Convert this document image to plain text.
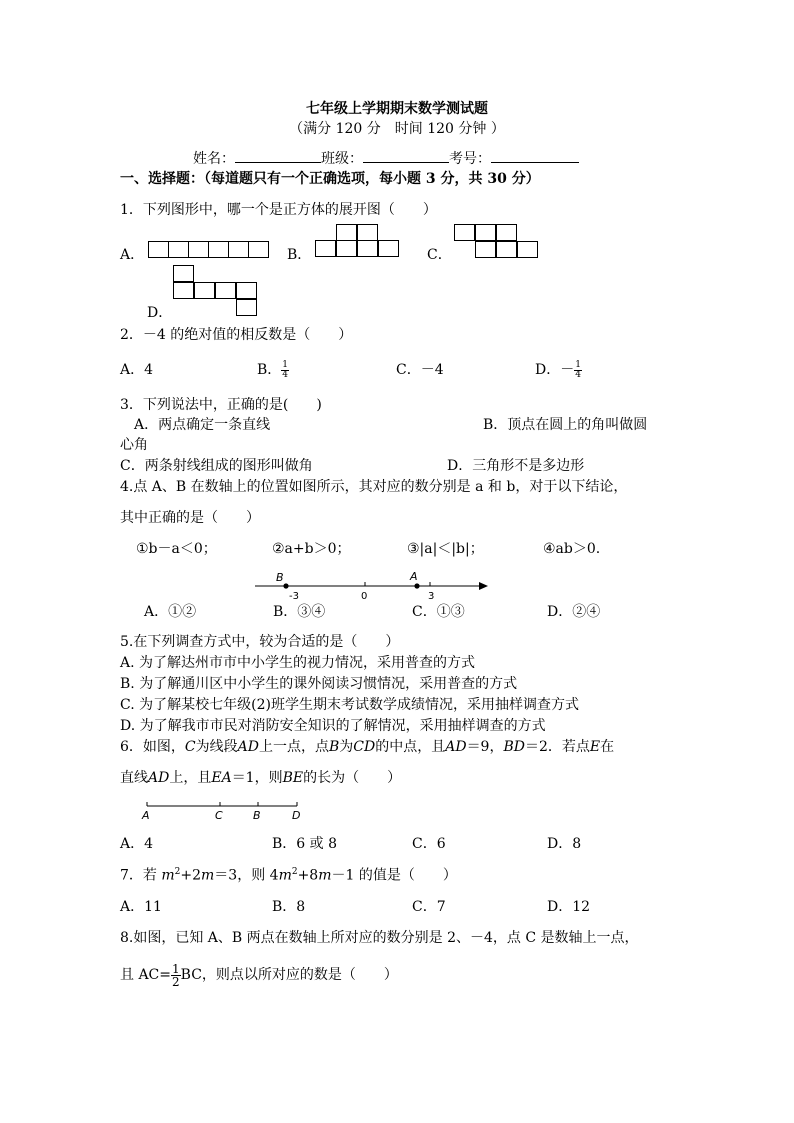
七年级上学期期末数学测试题
（满分 120 分　时间 120 分钟 ）
姓名：	班级：	考号：
一、选择题：（每道题只有一个正确选项，每小题 3 分，共 30 分）
1．下列图形中，哪一个是正方体的展开图（　　）
A．	B．	C．
D．
2．－4 的绝对值的相反数是（　　）
A．4	B． $\frac{1}{4}$	C．－4	D．－ $\frac{1}{4}$
3．下列说法中，正确的是(　　)
A．两点确定一条直线	B．顶点在圆上的角叫做圆
心角
C．两条射线组成的图形叫做角	D．三角形不是多边形
4.点 A、B 在数轴上的位置如图所示，其对应的数分别是 a 和 b，对于以下结论，
其中正确的是（　　）
①b－a＜0；	②a+b＞0；	③|a|＜|b|；	④ab＞0.
B	A
-3	0	3
A．①②	B．③④	C．①③	D．②④
5.在下列调查方式中，较为合适的是（　　）
A. 为了解达州市市中小学生的视力情况，采用普查的方式
B. 为了解通川区中小学生的课外阅读习惯情况，采用普查的方式
C. 为了解某校七年级(2)班学生期末考试数学成绩情况，采用抽样调查方式
D. 为了解我市市民对消防安全知识的了解情况，采用抽样调查的方式
6．如图，C为线段AD上一点，点B为CD的中点，且AD＝9，BD＝2．若点E在
直线AD上，且EA＝1，则BE的长为（　　）
A	C	B	D
A．4	B．6 或 8	C．6	D．8
7．若 $m^2+2m=3$，则 $4m^2+8m-1$ 的值是（　　）
A．11	B．8	C．7	D．12
8.如图，已知 A、B 两点在数轴上所对应的数分别是 2、－4，点 C 是数轴上一点，
且 $AC= \frac{1}{2}$ BC，则点以所对应的数是（　　）
